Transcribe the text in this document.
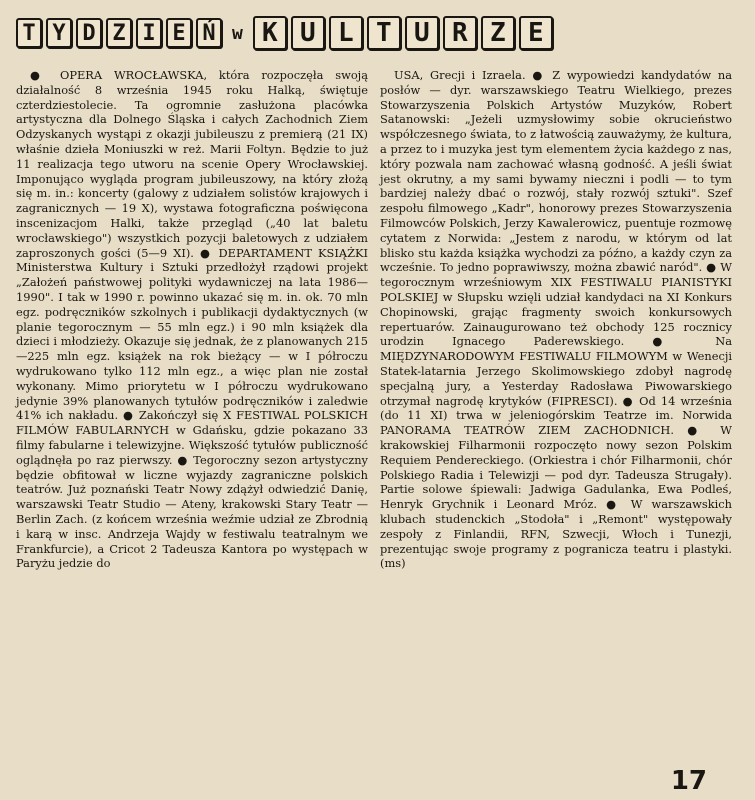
T Y D Z I E Ń w K U L T U R Z E

● OPERA WROCŁAWSKA, która rozpoczęła swoją działalność 8 września 1945 roku Halką, świętuje czterdziestolecie. Ta ogromnie zasłużona placówka artystyczna dla Dolnego Śląska i całych Zachodnich Ziem Odzyskanych wystąpi z okazji jubileuszu z premierą (21 IX) właśnie dzieła Moniuszki w reż. Marii Foltyn. Będzie to już 11 realizacja tego utworu na scenie Opery Wrocławskiej. Imponująco wygląda program jubileuszowy, na który złożą się m. in.: koncerty (galowy z udziałem solistów krajowych i zagranicznych — 19 X), wystawa fotograficzna poświęcona inscenizacjom Halki, także przegląd („40 lat baletu wrocławskiego") wszystkich pozycji baletowych z udziałem zaproszonych gości (5—9 XI). ● DEPARTAMENT KSIĄŻKI Ministerstwa Kultury i Sztuki przedłożył rządowi projekt „Założeń państwowej polityki wydawniczej na lata 1986—1990". I tak w 1990 r. powinno ukazać się m. in. ok. 70 mln egz. podręczników szkolnych i publikacji dydaktycznych (w planie tegorocznym — 55 mln egz.) i 90 mln książek dla dzieci i młodzieży. Okazuje się jednak, że z planowanych 215—225 mln egz. książek na rok bieżący — w I półroczu wydrukowano tylko 112 mln egz., a więc plan nie został wykonany. Mimo priorytetu w I półroczu wydrukowano jedynie 39% planowanych tytułów podręczników i zaledwie 41% ich nakładu. ● Zakończył się X FESTIWAL POLSKICH FILMÓW FABULARNYCH w Gdańsku, gdzie pokazano 33 filmy fabularne i telewizyjne. Większość tytułów publiczność oglądnęła po raz pierwszy. ● Tegoroczny sezon artystyczny będzie obfitował w liczne wyjazdy zagraniczne polskich teatrów. Już poznański Teatr Nowy zdążył odwiedzić Danię, warszawski Teatr Studio — Ateny, krakowski Stary Teatr — Berlin Zach. (z końcem września weźmie udział ze Zbrodnią i karą w insc. Andrzeja Wajdy w festiwalu teatralnym we Frankfurcie), a Cricot 2 Tadeusza Kantora po występach w Paryżu jedzie do

USA, Grecji i Izraela. ● Z wypowiedzi kandydatów na posłów — dyr. warszawskiego Teatru Wielkiego, prezes Stowarzyszenia Polskich Artystów Muzyków, Robert Satanowski: „Jeżeli uzmysłowimy sobie okrucieństwo współczesnego świata, to z łatwością zauważymy, że kultura, a przez to i muzyka jest tym elementem życia każdego z nas, który pozwala nam zachować własną godność. A jeśli świat jest okrutny, a my sami bywamy nieczni i podli — to tym bardziej należy dbać o rozwój, stały rozwój sztuki". Szef zespołu filmowego „Kadr", honorowy prezes Stowarzyszenia Filmowców Polskich, Jerzy Kawalerowicz, puentuje rozmowę cytatem z Norwida: „Jestem z narodu, w którym od lat blisko stu każda książka wychodzi za późno, a każdy czyn za wcześnie. To jedno poprawiwszy, można zbawić naród". ● W tegorocznym wrześniowym XIX FESTIWALU PIANISTYKI POLSKIEJ w Słupsku wzięli udział kandydaci na XI Konkurs Chopinowski, grając fragmenty swoich konkursowych repertuarów. Zainaugurowano też obchody 125 rocznicy urodzin Ignacego Paderewskiego. ● Na MIĘDZYNARODOWYM FESTIWALU FILMOWYM w Wenecji Statek-latarnia Jerzego Skolimowskiego zdobył nagrodę specjalną jury, a Yesterday Radosława Piwowarskiego otrzymał nagrodę krytyków (FIPRESCI). ● Od 14 września (do 11 XI) trwa w jeleniogórskim Teatrze im. Norwida PANORAMA TEATRÓW ZIEM ZACHODNICH. ● W krakowskiej Filharmonii rozpoczęto nowy sezon Polskim Requiem Pendereckiego. (Orkiestra i chór Filharmonii, chór Polskiego Radia i Telewizji — pod dyr. Tadeusza Strugały). Partie solowe śpiewali: Jadwiga Gadulanka, Ewa Podleś, Henryk Grychnik i Leonard Mróz. ● W warszawskich klubach studenckich „Stodoła" i „Remont" występowały zespoły z Finlandii, RFN, Szwecji, Włoch i Tunezji, prezentując swoje programy z pogranicza teatru i plastyki. (ms)

17
